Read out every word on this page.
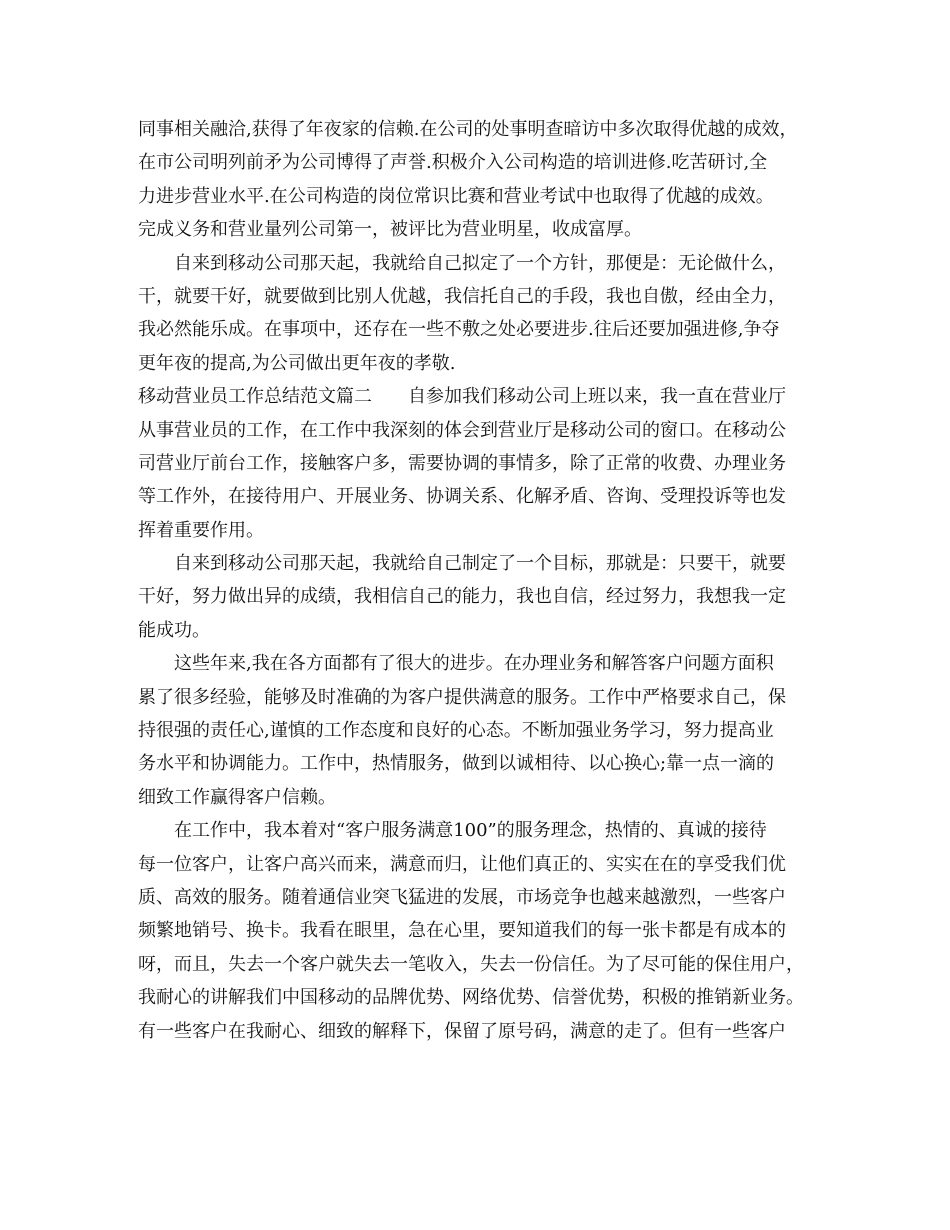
同事相关融洽,获得了年夜家的信赖.在公司的处事明查暗访中多次取得优越的成效，
在市公司明列前矛为公司博得了声誉.积极介入公司构造的培训进修.吃苦研讨,全
力进步营业水平.在公司构造的岗位常识比赛和营业考试中也取得了优越的成效。
完成义务和营业量列公司第一，被评比为营业明星，收成富厚。
自来到移动公司那天起，我就给自己拟定了一个方针，那便是：无论做什么，
干，就要干好，就要做到比别人优越，我信托自己的手段，我也自傲，经由全力，
我必然能乐成。在事项中，还存在一些不敷之处必要进步.往后还要加强进修,争夺
更年夜的提高,为公司做出更年夜的孝敬.
移动营业员工作总结范文篇二　　自参加我们移动公司上班以来，我一直在营业厅
从事营业员的工作，在工作中我深刻的体会到营业厅是移动公司的窗口。在移动公
司营业厅前台工作，接触客户多，需要协调的事情多，除了正常的收费、办理业务
等工作外，在接待用户、开展业务、协调关系、化解矛盾、咨询、受理投诉等也发
挥着重要作用。
自来到移动公司那天起，我就给自己制定了一个目标，那就是：只要干，就要
干好，努力做出异的成绩，我相信自己的能力，我也自信，经过努力，我想我一定
能成功。
这些年来,我在各方面都有了很大的进步。在办理业务和解答客户问题方面积
累了很多经验，能够及时准确的为客户提供满意的服务。工作中严格要求自己，保
持很强的责任心,谨慎的工作态度和良好的心态。不断加强业务学习，努力提高业
务水平和协调能力。工作中，热情服务，做到以诚相待、以心换心;靠一点一滴的
细致工作赢得客户信赖。
在工作中，我本着对“客户服务满意100”的服务理念，热情的、真诚的接待
每一位客户，让客户高兴而来，满意而归，让他们真正的、实实在在的享受我们优
质、高效的服务。随着通信业突飞猛进的发展，市场竞争也越来越激烈，一些客户
频繁地销号、换卡。我看在眼里，急在心里，要知道我们的每一张卡都是有成本的
呀，而且，失去一个客户就失去一笔收入，失去一份信任。为了尽可能的保住用户，
我耐心的讲解我们中国移动的品牌优势、网络优势、信誉优势，积极的推销新业务。
有一些客户在我耐心、细致的解释下，保留了原号码，满意的走了。但有一些客户
